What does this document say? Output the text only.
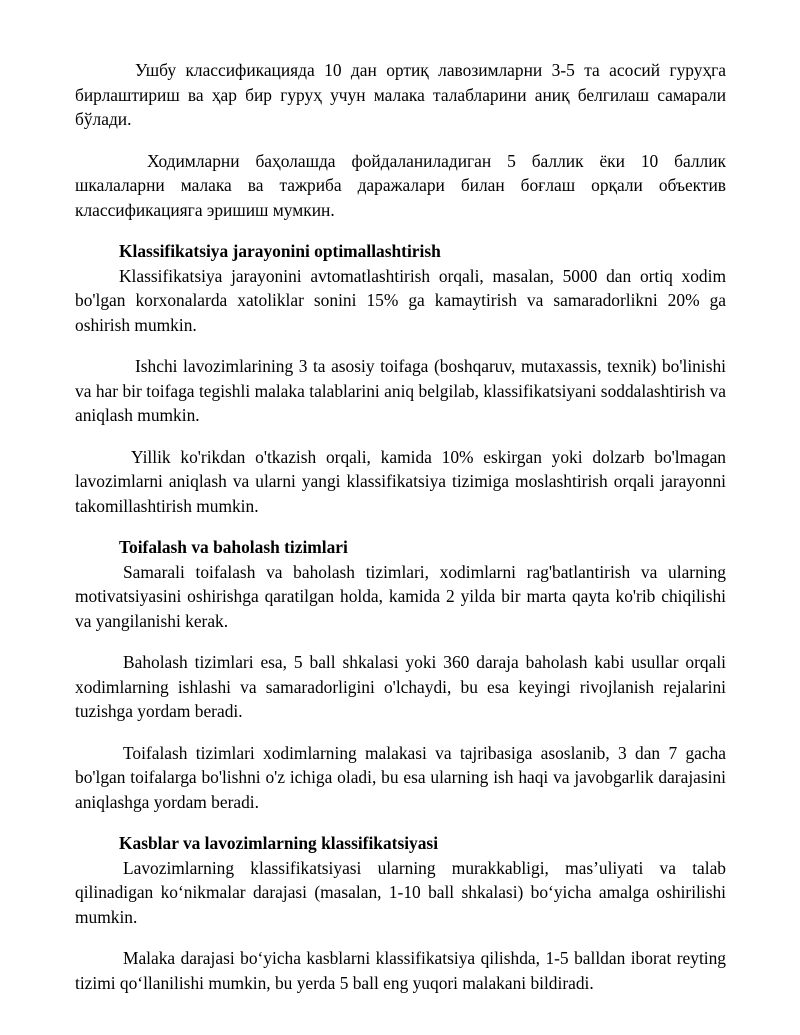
Ушбу классификацияда 10 дан ортиқ лавозимларни 3-5 та асосий гуруҳга бирлаштириш ва ҳар бир гуруҳ учун малака талабларини аниқ белгилаш самарали бўлади.

Ходимларни баҳолашда фойдаланиладиган 5 баллик ёки 10 баллик шкалаларни малака ва тажриба даражалари билан боғлаш орқали объектив классификацияга эришиш мумкин.

Klassifikatsiya jarayonini optimallashtirish

Klassifikatsiya jarayonini avtomatlashtirish orqali, masalan, 5000 dan ortiq xodim bo'lgan korxonalarda xatoliklar sonini 15% ga kamaytirish va samaradorlikni 20% ga oshirish mumkin.

Ishchi lavozimlarining 3 ta asosiy toifaga (boshqaruv, mutaxassis, texnik) bo'linishi va har bir toifaga tegishli malaka talablarini aniq belgilab, klassifikatsiyani soddalashtirish va aniqlash mumkin.

Yillik ko'rikdan o'tkazish orqali, kamida 10% eskirgan yoki dolzarb bo'lmagan lavozimlarni aniqlash va ularni yangi klassifikatsiya tizimiga moslashtirish orqali jarayonni takomillashtirish mumkin.

Toifalash va baholash tizimlari

Samarali toifalash va baholash tizimlari, xodimlarni rag'batlantirish va ularning motivatsiyasini oshirishga qaratilgan holda, kamida 2 yilda bir marta qayta ko'rib chiqilishi va yangilanishi kerak.

Baholash tizimlari esa, 5 ball shkalasi yoki 360 daraja baholash kabi usullar orqali xodimlarning ishlashi va samaradorligini o'lchaydi, bu esa keyingi rivojlanish rejalarini tuzishga yordam beradi.

Toifalash tizimlari xodimlarning malakasi va tajribasiga asoslanib, 3 dan 7 gacha bo'lgan toifalarga bo'lishni o'z ichiga oladi, bu esa ularning ish haqi va javobgarlik darajasini aniqlashga yordam beradi.

Kasblar va lavozimlarning klassifikatsiyasi

Lavozimlarning klassifikatsiyasi ularning murakkabligi, mas’uliyati va talab qilinadigan ko‘nikmalar darajasi (masalan, 1-10 ball shkalasi) bo‘yicha amalga oshirilishi mumkin.

Malaka darajasi bo‘yicha kasblarni klassifikatsiya qilishda, 1-5 balldan iborat reyting tizimi qo‘llanilishi mumkin, bu yerda 5 ball eng yuqori malakani bildiradi.
